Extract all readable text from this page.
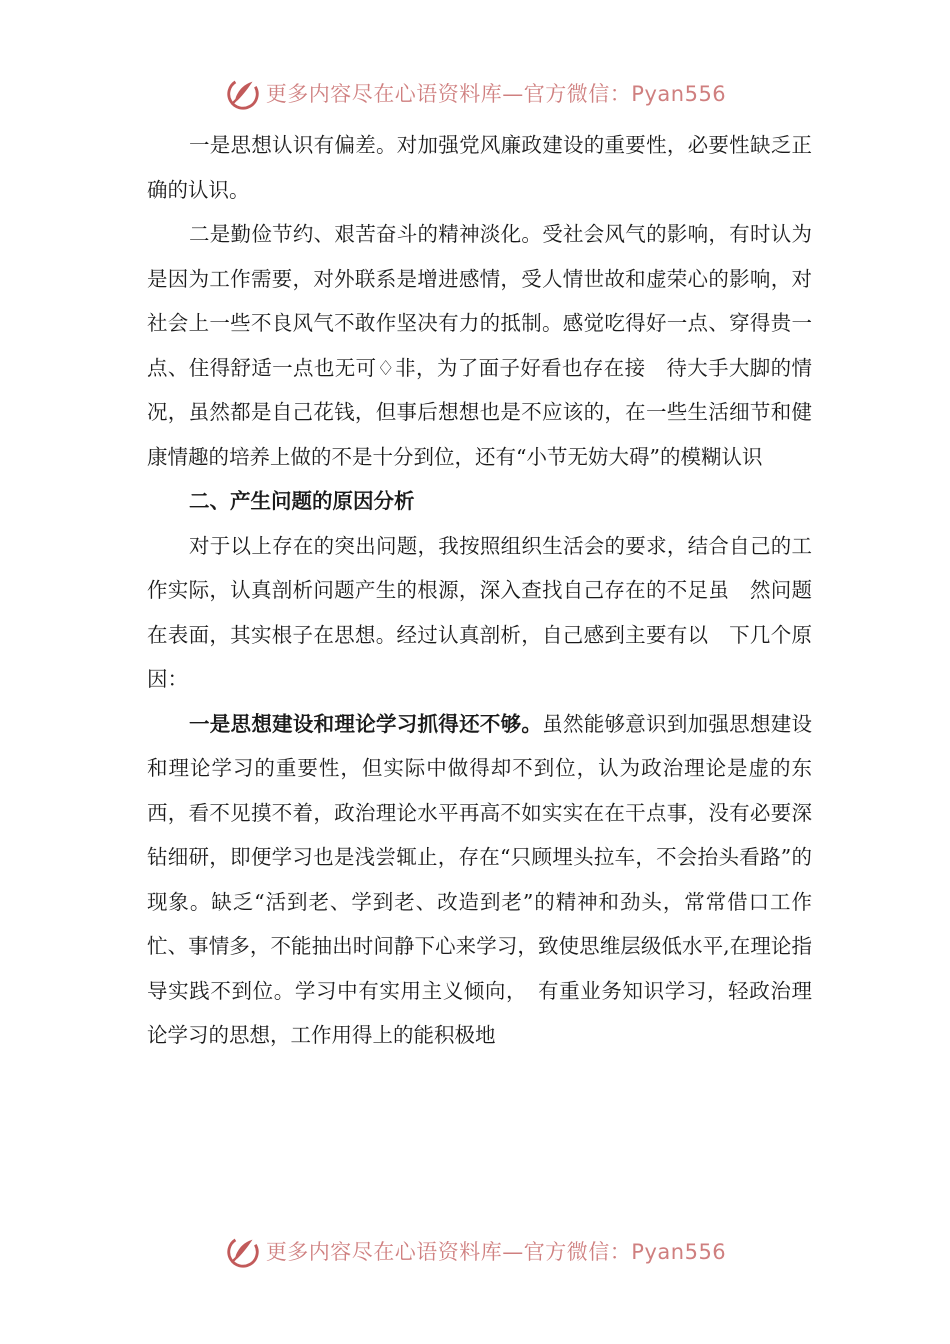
更多内容尽在心语资料库—官方微信：Pyan556

一是思想认识有偏差。对加强党风廉政建设的重要性，必要性缺乏正确的认识。

二是勤俭节约、艰苦奋斗的精神淡化。受社会风气的影响，有时认为是因为工作需要，对外联系是增进感情，受人情世故和虚荣心的影响，对社会上一些不良风气不敢作坚决有力的抵制。感觉吃得好一点、穿得贵一点、住得舒适一点也无可♢非，为了面子好看也存在接　待大手大脚的情况，虽然都是自己花钱，但事后想想也是不应该的，在一些生活细节和健康情趣的培养上做的不是十分到位，还有“小节无妨大碍”的模糊认识

二、产生问题的原因分析

对于以上存在的突出问题，我按照组织生活会的要求，结合自己的工作实际，认真剖析问题产生的根源，深入查找自己存在的不足虽　然问题在表面，其实根子在思想。经过认真剖析，自己感到主要有以　下几个原因：

一是思想建设和理论学习抓得还不够。虽然能够意识到加强思想建设和理论学习的重要性，但实际中做得却不到位，认为政治理论是虚的东西，看不见摸不着，政治理论水平再高不如实实在在干点事，没有必要深钻细研，即便学习也是浅尝辄止，存在“只顾埋头拉车，不会抬头看路”的现象。缺乏“活到老、学到老、改造到老”的精神和劲头，常常借口工作忙、事情多，不能抽出时间静下心来学习，致使思维层级低水平,在理论指导实践不到位。学习中有实用主义倾向，　有重业务知识学习，轻政治理论学习的思想，工作用得上的能积极地

更多内容尽在心语资料库—官方微信：Pyan556
